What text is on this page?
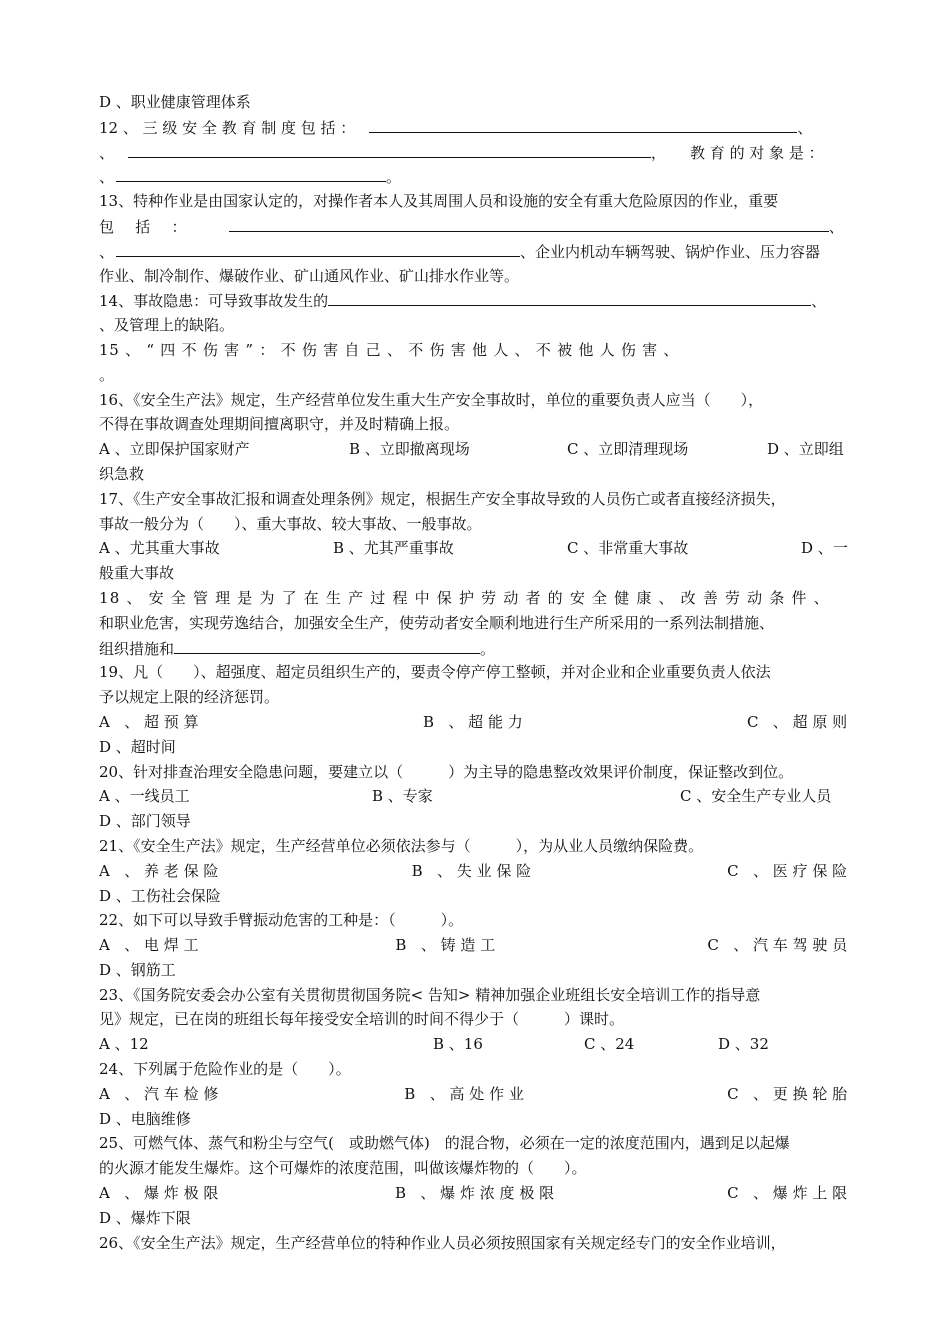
D 、职业健康管理体系
12 、 三 级 安 全 教 育 制 度 包 括 ：	、
、	， 教 育 的 对 象 是 ：
、	。
13、特种作业是由国家认定的，对操作者本人及其周围人员和设施的安全有重大危险原因的作业，重要
包 括 ：	、
、	、企业内机动车辆驾驶、锅炉作业、压力容器
作业、制冷制作、爆破作业、矿山通风作业、矿山排水作业等。
14、事故隐患：可导致事故发生的	、
、及管理上的缺陷。
15 、 “ 四 不 伤 害 ” ： 不 伤 害 自 己 、 不 伤 害 他 人 、 不 被 他 人 伤 害 、
。
16、《安全生产法》规定，生产经营单位发生重大生产安全事故时，单位的重要负责人应当（　　），
不得在事故调查处理期间擅离职守，并及时精确上报。
A 、立即保护国家财产	B 、立即撤离现场	C 、立即清理现场	D 、立即组
织急救
17、《生产安全事故汇报和调查处理条例》规定，根据生产安全事故导致的人员伤亡或者直接经济损失，
事故一般分为（　　）、重大事故、较大事故、一般事故。
A 、尤其重大事故	B 、尤其严重事故	C 、非常重大事故	D 、一
般重大事故
18 、 安 全 管 理 是 为 了 在 生 产 过 程 中 保 护 劳 动 者 的 安 全 健 康 、 改 善 劳 动 条 件 、
和职业危害，实现劳逸结合，加强安全生产，使劳动者安全顺利地进行生产所采用的一系列法制措施、
组织措施和	。
19、凡（　　）、超强度、超定员组织生产的，要责令停产停工整顿，并对企业和企业重要负责人依法
予以规定上限的经济惩罚。
A 、超预算	B 、超能力	C 、超原则
D 、超时间
20、针对排查治理安全隐患问题，要建立以（　　　）为主导的隐患整改效果评价制度，保证整改到位。
A 、一线员工	B 、专家	C 、安全生产专业人员
D 、部门领导
21、《安全生产法》规定，生产经营单位必须依法参与（　　　），为从业人员缴纳保险费。
A 、养老保险	B 、失业保险	C 、医疗保险
D 、工伤社会保险
22、如下可以导致手臂振动危害的工种是：（　　　）。
A 、电焊工	B 、铸造工	C 、汽车驾驶员
D 、钢筋工
23、《国务院安委会办公室有关贯彻贯彻国务院< 告知> 精神加强企业班组长安全培训工作的指导意
见》规定，已在岗的班组长每年接受安全培训的时间不得少于（　　　）课时。
A 、12	B 、16	C 、24	D 、32
24、下列属于危险作业的是（　　）。
A 、汽车检修	B 、高处作业	C 、更换轮胎
D 、电脑维修
25、可燃气体、蒸气和粉尘与空气(　或助燃气体)　的混合物，必须在一定的浓度范围内，遇到足以起爆
的火源才能发生爆炸。这个可爆炸的浓度范围，叫做该爆炸物的（　　）。
A 、爆炸极限	B 、爆炸浓度极限	C 、爆炸上限
D 、爆炸下限
26、《安全生产法》规定，生产经营单位的特种作业人员必须按照国家有关规定经专门的安全作业培训，
